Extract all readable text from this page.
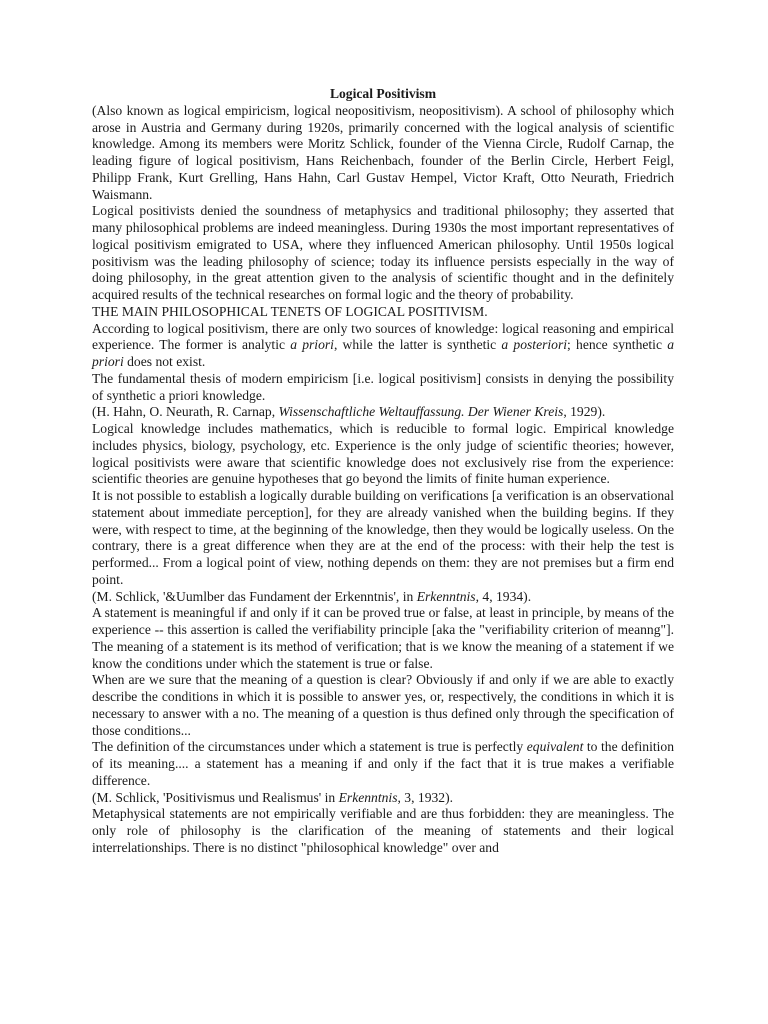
Logical Positivism

(Also known as logical empiricism, logical neopositivism, neopositivism). A school of philosophy which arose in Austria and Germany during 1920s, primarily concerned with the logical analysis of scientific knowledge. Among its members were Moritz Schlick, founder of the Vienna Circle, Rudolf Carnap, the leading figure of logical positivism, Hans Reichenbach, founder of the Berlin Circle, Herbert Feigl, Philipp Frank, Kurt Grelling, Hans Hahn, Carl Gustav Hempel, Victor Kraft, Otto Neurath, Friedrich Waismann.

Logical positivists denied the soundness of metaphysics and traditional philosophy; they asserted that many philosophical problems are indeed meaningless. During 1930s the most important representatives of logical positivism emigrated to USA, where they influenced American philosophy. Until 1950s logical positivism was the leading philosophy of science; today its influence persists especially in the way of doing philosophy, in the great attention given to the analysis of scientific thought and in the definitely acquired results of the technical researches on formal logic and the theory of probability.

THE MAIN PHILOSOPHICAL TENETS OF LOGICAL POSITIVISM.

According to logical positivism, there are only two sources of knowledge: logical reasoning and empirical experience. The former is analytic a priori, while the latter is synthetic a posteriori; hence synthetic a priori does not exist.

The fundamental thesis of modern empiricism [i.e. logical positivism] consists in denying the possibility of synthetic a priori knowledge.

(H. Hahn, O. Neurath, R. Carnap, Wissenschaftliche Weltauffassung. Der Wiener Kreis, 1929).

Logical knowledge includes mathematics, which is reducible to formal logic. Empirical knowledge includes physics, biology, psychology, etc. Experience is the only judge of scientific theories; however, logical positivists were aware that scientific knowledge does not exclusively rise from the experience: scientific theories are genuine hypotheses that go beyond the limits of finite human experience.

It is not possible to establish a logically durable building on verifications [a verification is an observational statement about immediate perception], for they are already vanished when the building begins. If they were, with respect to time, at the beginning of the knowledge, then they would be logically useless. On the contrary, there is a great difference when they are at the end of the process: with their help the test is performed... From a logical point of view, nothing depends on them: they are not premises but a firm end point.

(M. Schlick, '&Uumlber das Fundament der Erkenntnis', in Erkenntnis, 4, 1934).

A statement is meaningful if and only if it can be proved true or false, at least in principle, by means of the experience -- this assertion is called the verifiability principle [aka the "verifiability criterion of meanng"]. The meaning of a statement is its method of verification; that is we know the meaning of a statement if we know the conditions under which the statement is true or false.

When are we sure that the meaning of a question is clear? Obviously if and only if we are able to exactly describe the conditions in which it is possible to answer yes, or, respectively, the conditions in which it is necessary to answer with a no. The meaning of a question is thus defined only through the specification of those conditions...

The definition of the circumstances under which a statement is true is perfectly equivalent to the definition of its meaning.... a statement has a meaning if and only if the fact that it is true makes a verifiable difference.

(M. Schlick, 'Positivismus und Realismus' in Erkenntnis, 3, 1932).

Metaphysical statements are not empirically verifiable and are thus forbidden: they are meaningless. The only role of philosophy is the clarification of the meaning of statements and their logical interrelationships. There is no distinct "philosophical knowledge" over and
